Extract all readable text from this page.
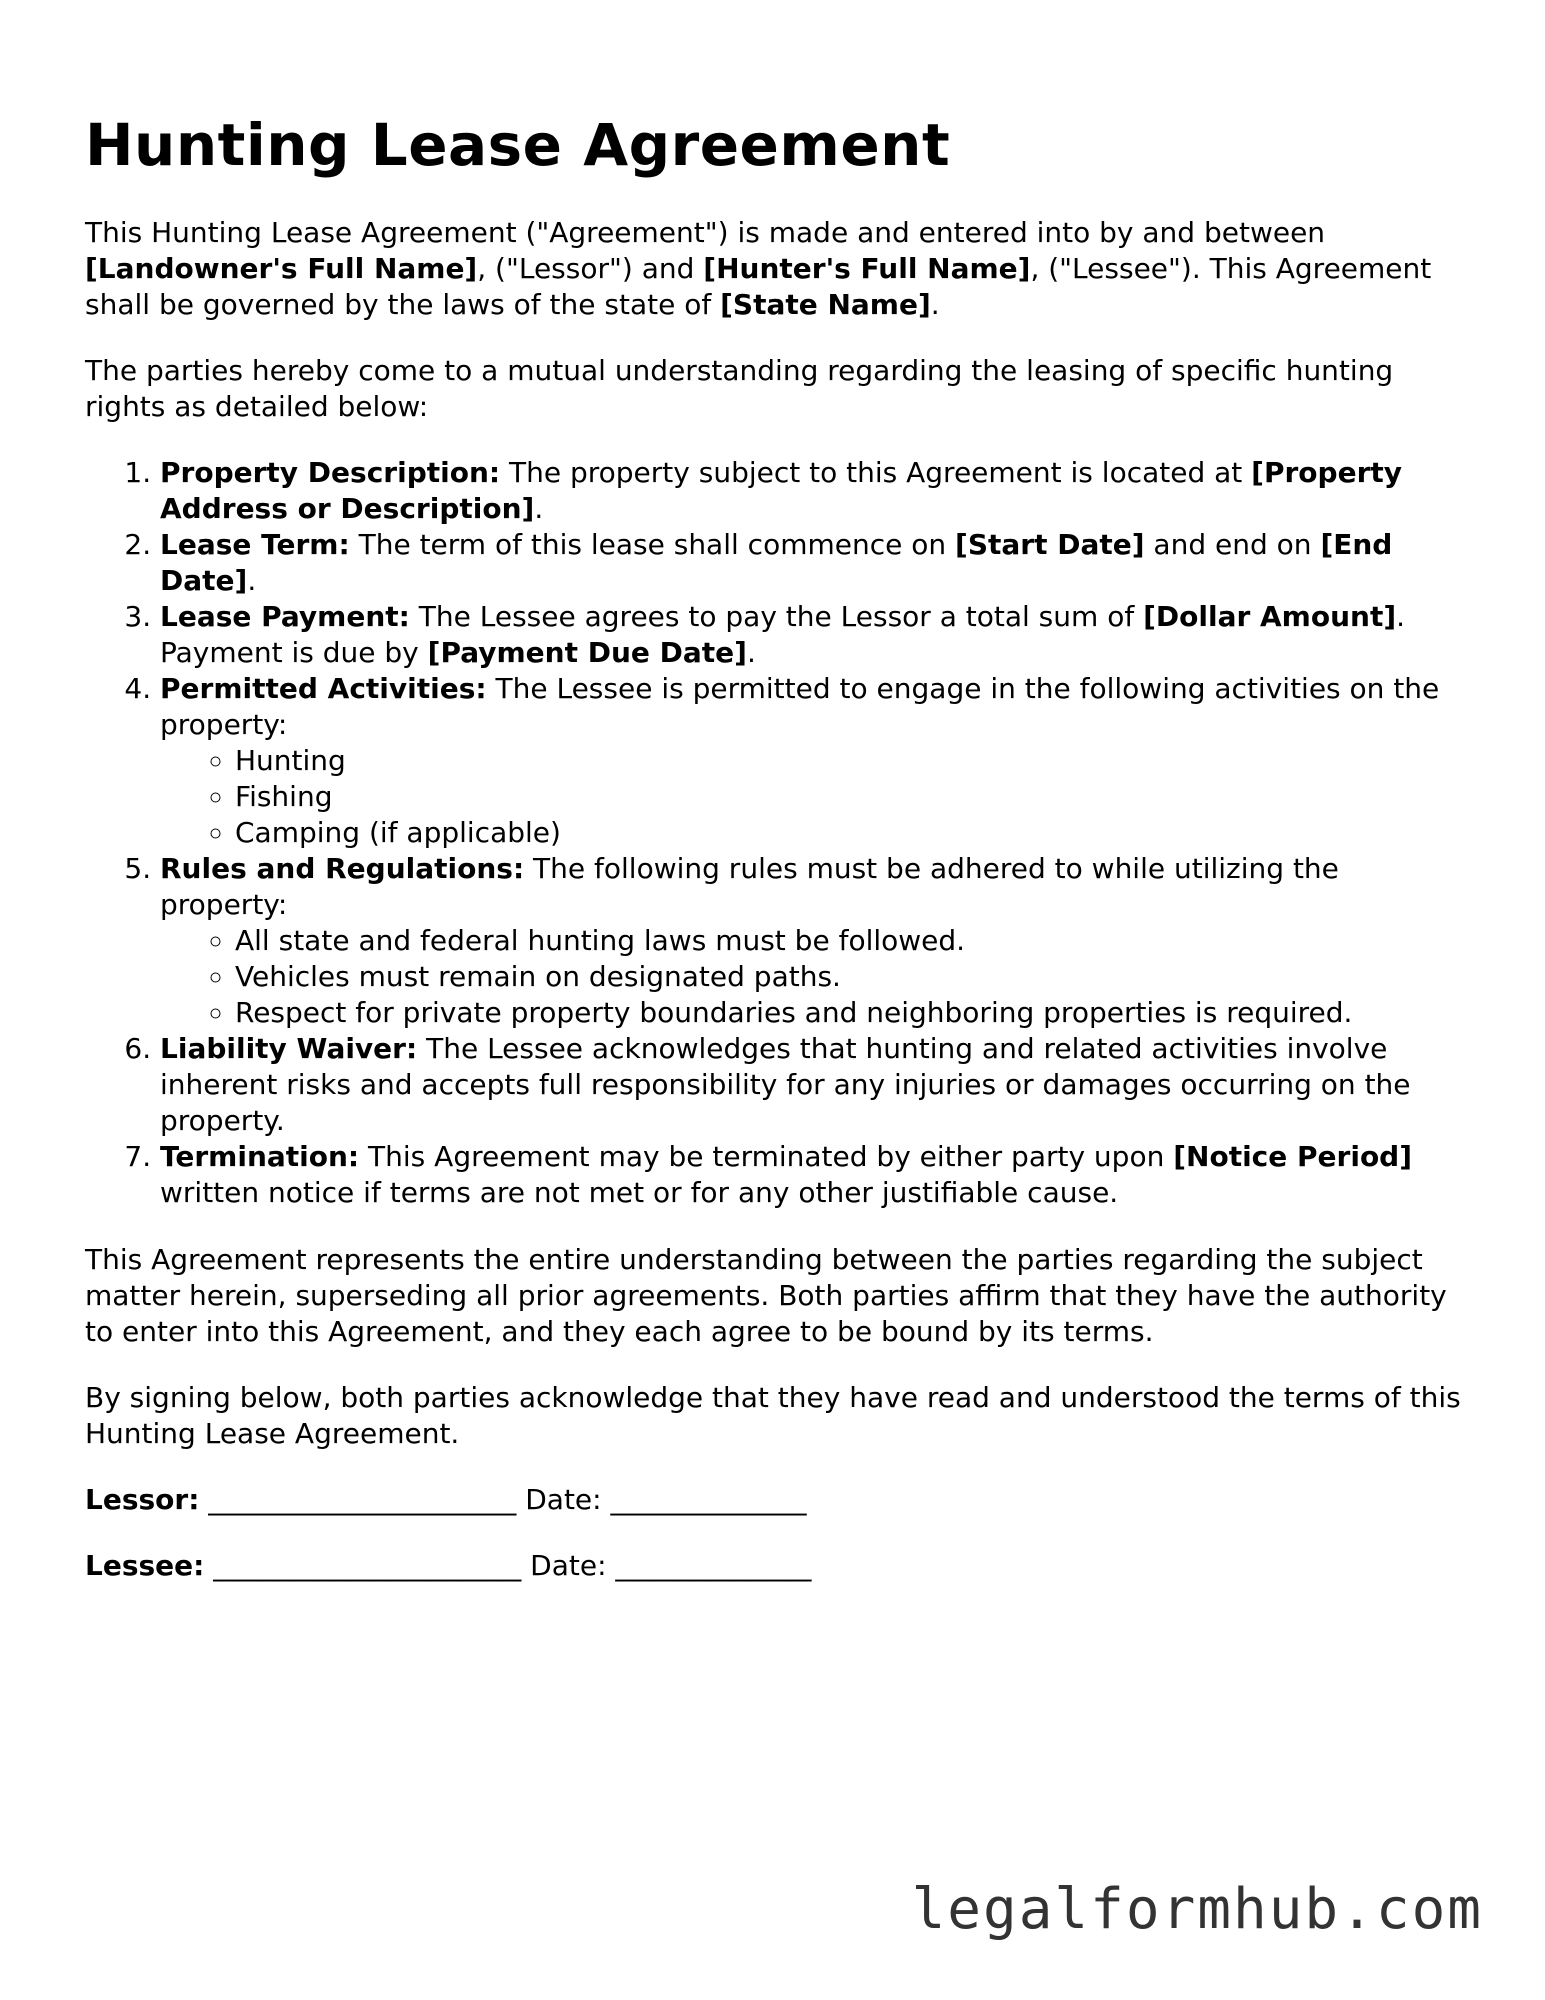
Hunting Lease Agreement

This Hunting Lease Agreement ("Agreement") is made and entered into by and between [Landowner's Full Name], ("Lessor") and [Hunter's Full Name], ("Lessee"). This Agreement shall be governed by the laws of the state of [State Name].

The parties hereby come to a mutual understanding regarding the leasing of specific hunting rights as detailed below:

1. Property Description: The property subject to this Agreement is located at [Property Address or Description].
2. Lease Term: The term of this lease shall commence on [Start Date] and end on [End Date].
3. Lease Payment: The Lessee agrees to pay the Lessor a total sum of [Dollar Amount]. Payment is due by [Payment Due Date].
4. Permitted Activities: The Lessee is permitted to engage in the following activities on the property:
◦ Hunting
◦ Fishing
◦ Camping (if applicable)
5. Rules and Regulations: The following rules must be adhered to while utilizing the property:
◦ All state and federal hunting laws must be followed.
◦ Vehicles must remain on designated paths.
◦ Respect for private property boundaries and neighboring properties is required.
6. Liability Waiver: The Lessee acknowledges that hunting and related activities involve inherent risks and accepts full responsibility for any injuries or damages occurring on the property.
7. Termination: This Agreement may be terminated by either party upon [Notice Period] written notice if terms are not met or for any other justifiable cause.

This Agreement represents the entire understanding between the parties regarding the subject matter herein, superseding all prior agreements. Both parties affirm that they have the authority to enter into this Agreement, and they each agree to be bound by its terms.

By signing below, both parties acknowledge that they have read and understood the terms of this Hunting Lease Agreement.

Lessor: ______________________ Date: ______________
Lessee: ______________________ Date: ______________
legalformhub.com
